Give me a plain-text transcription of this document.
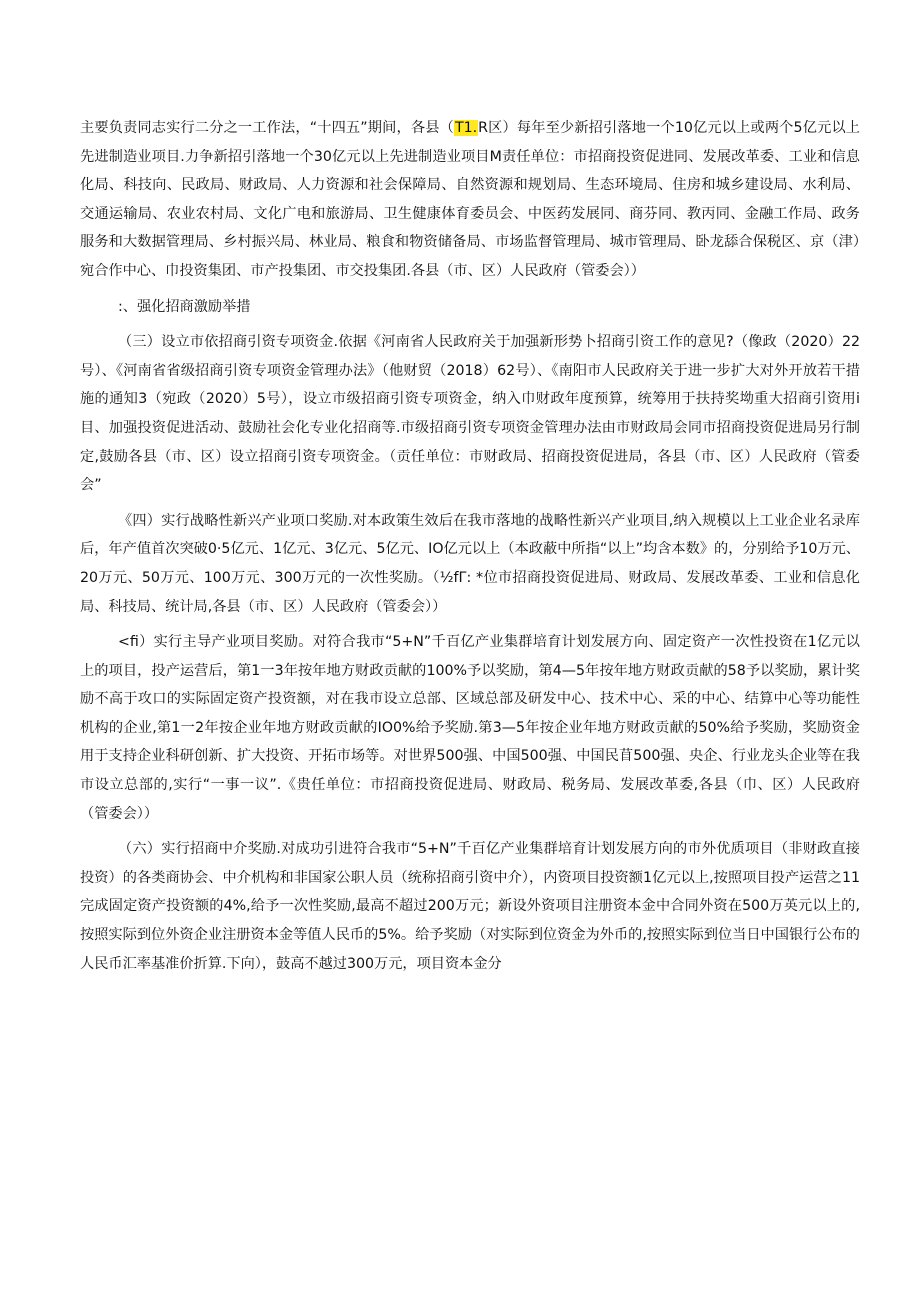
主要负责同志实行二分之一工作法，“十四五”期间，各县（T1.R区）每年至少新招引落地一个10亿元以上或两个5亿元以上先进制造业项目.力争新招引落地一个30亿元以上先进制造业项目M责任单位：市招商投资促进同、发展改革委、工业和信息化局、科技向、民政局、财政局、人力资源和社会保障局、自然资源和规划局、生态环境局、住房和城乡建设局、水利局、交通运输局、农业农村局、文化广电和旅游局、卫生健康体育委员会、中医药发展同、商芬同、教丙同、金融工作局、政务服务和大数据管理局、乡村振兴局、林业局、粮食和物资储备局、市场监督管理局、城市管理局、卧龙舔合保税区、京（津）宛合作中心、巾投资集团、市产投集团、市交投集团.各县（市、区）人民政府（管委会））

:、强化招商激励举措

（三）设立市依招商引资专项资金.依据《河南省人民政府关于加强新形势卜招商引资工作的意见?（像政（2020）22号）、《河南省省级招商引资专项资金管理办法》（他财贸（2018）62号）、《南阳市人民政府关于进一步扩大对外开放若干措施的通知3（宛政（2020）5号），设立市级招商引资专项资金，纳入巾财政年度预算，统筹用于扶持奖坳重大招商引资用i目、加强投资促进活动、鼓励社会化专业化招商等.市级招商引资专项资金管理办法由市财政局会同市招商投资促进局另行制定,鼓励各县（市、区）设立招商引资专项资金。（贡任单位：市财政局、招商投资促进局，各县（市、区）人民政府（管委会”

《四）实行战略性新兴产业项口奖励.对本政策生效后在我市落地的战略性新兴产业项目,纳入规模以上工业企业名录库后，年产值首次突破0·5亿元、1亿元、3亿元、5亿元、IO亿元以上（本政蔽中所指“以上”均含本数》的，分别给予10万元、20万元、50万元、100万元、300万元的一次性奖励。（½fΓ: *位市招商投资促进局、财政局、发展改革委、工业和信息化局、科技局、统计局,各县（市、区）人民政府（管委会））

<fi）实行主导产业项目奖励。对符合我市“5+N”千百亿产业集群培育计划发展方向、固定资产一次性投资在1亿元以上的项目，投产运营后，第1一3年按年地方财政贡献的100%予以奖励，第4—5年按年地方财政贡献的58予以奖励，累计奖励不高于攻口的实际固定资产投资额，对在我市设立总部、区域总部及研发中心、技术中心、采的中心、结算中心等功能性机构的企业,第1一2年按企业年地方财政贡献的IO0%给予奖励.第3—5年按企业年地方财政贡献的50%给予奖励，奖励资金用于支持企业科研创新、扩大投资、开拓市场等。对世界500强、中国500强、中国民苜500强、央企、行业龙头企业等在我市设立总部的,实行“一事一议”.《贵任单位：市招商投资促进局、财政局、税务局、发展改革委,各县（巾、区）人民政府（管委会））

（六）实行招商中介奖励.对成功引进符合我市“5+N”千百亿产业集群培育计划发展方向的市外优质项目（非财政直接投资）的各类商协会、中介机构和非国家公职人员（统称招商引资中介），内资项目投资额1亿元以上,按照项目投产运营之11完成固定资产投资额的4%,给予一次性奖励,最高不超过200万元；新设外资项目注册资本金中合同外资在500万英元以上的,按照实际到位外资企业注册资本金等值人民币的5%。给予奖励（对实际到位资金为外币的,按照实际到位当日中国银行公布的人民币汇率基准价折算.下向），鼓高不越过300万元，项目资本金分
